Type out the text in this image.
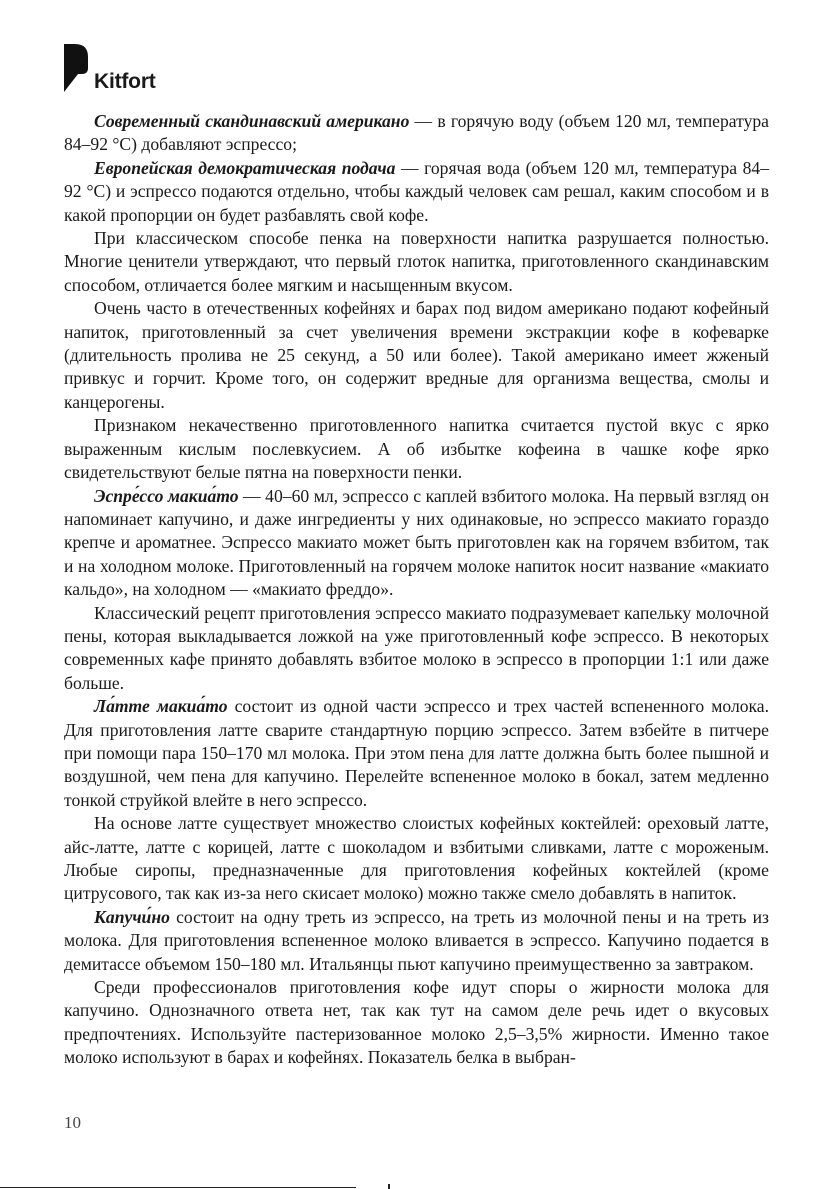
Kitfort

Современный скандинавский американо — в горячую воду (объем 120 мл, температура 84–92 °C) добавляют эспрессо;

Европейская демократическая подача — горячая вода (объем 120 мл, температура 84–92 °C) и эспрессо подаются отдельно, чтобы каждый человек сам решал, каким способом и в какой пропорции он будет разбавлять свой кофе.

При классическом способе пенка на поверхности напитка разрушается полностью. Многие ценители утверждают, что первый глоток напитка, приготовленного скандинавским способом, отличается более мягким и насыщенным вкусом.

Очень часто в отечественных кофейнях и барах под видом американо подают кофейный напиток, приготовленный за счет увеличения времени экстракции кофе в кофеварке (длительность пролива не 25 секунд, а 50 или более). Такой американо имеет жженый привкус и горчит. Кроме того, он содержит вредные для организма вещества, смолы и канцерогены.

Признаком некачественно приготовленного напитка считается пустой вкус с ярко выраженным кислым послевкусием. А об избытке кофеина в чашке кофе ярко свидетельствуют белые пятна на поверхности пенки.

Эспре́ссо макиа́то — 40–60 мл, эспрессо с каплей взбитого молока. На первый взгляд он напоминает капучино, и даже ингредиенты у них одинаковые, но эспрессо макиато гораздо крепче и ароматнее. Эспрессо макиато может быть приготовлен как на горячем взбитом, так и на холодном молоке. Приготовленный на горячем молоке напиток носит название «макиато кальдо», на холодном — «макиато фреддо».

Классический рецепт приготовления эспрессо макиато подразумевает капельку молочной пены, которая выкладывается ложкой на уже приготовленный кофе эспрессо. В некоторых современных кафе принято добавлять взбитое молоко в эспрессо в пропорции 1:1 или даже больше.

Ла́тте макиа́то состоит из одной части эспрессо и трех частей вспененного молока. Для приготовления латте сварите стандартную порцию эспрессо. Затем взбейте в питчере при помощи пара 150–170 мл молока. При этом пена для латте должна быть более пышной и воздушной, чем пена для капучино. Перелейте вспененное молоко в бокал, затем медленно тонкой струйкой влейте в него эспрессо.

На основе латте существует множество слоистых кофейных коктейлей: ореховый латте, айс-латте, латте с корицей, латте с шоколадом и взбитыми сливками, латте с мороженым. Любые сиропы, предназначенные для приготовления кофейных коктейлей (кроме цитрусового, так как из-за него скисает молоко) можно также смело добавлять в напиток.

Капучи́но состоит на одну треть из эспрессо, на треть из молочной пены и на треть из молока. Для приготовления вспененное молоко вливается в эспрессо. Капучино подается в демитассе объемом 150–180 мл. Итальянцы пьют капучино преимущественно за завтраком.

Среди профессионалов приготовления кофе идут споры о жирности молока для капучино. Однозначного ответа нет, так как тут на самом деле речь идет о вкусовых предпочтениях. Используйте пастеризованное молоко 2,5–3,5% жирности. Именно такое молоко используют в барах и кофейнях. Показатель белка в выбран-

10
